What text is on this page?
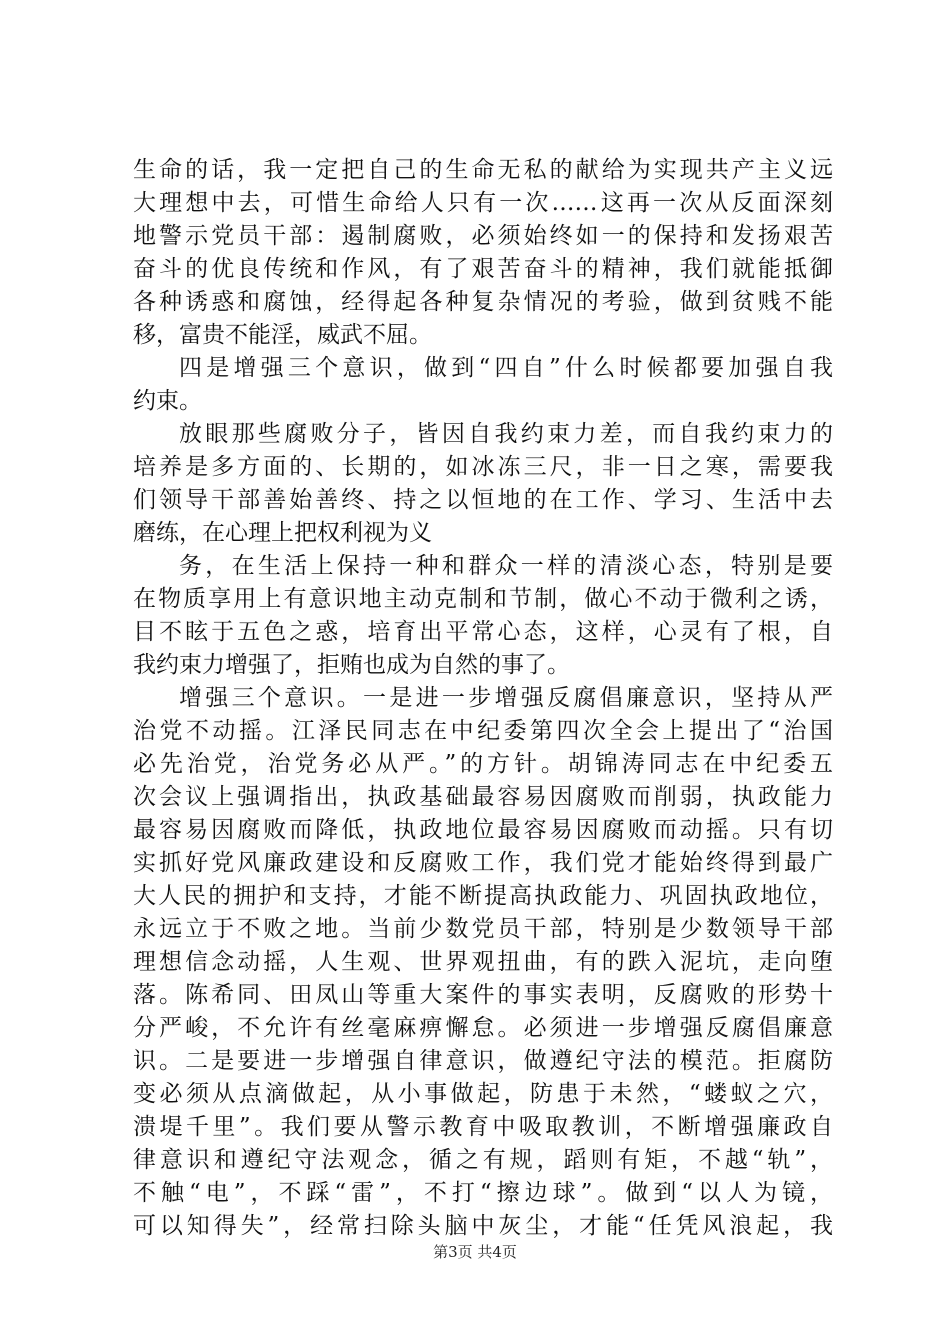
生命的话，我一定把自己的生命无私的献给为实现共产主义远
大理想中去，可惜生命给人只有一次……这再一次从反面深刻
地警示党员干部：遏制腐败，必须始终如一的保持和发扬艰苦
奋斗的优良传统和作风，有了艰苦奋斗的精神，我们就能抵御
各种诱惑和腐蚀，经得起各种复杂情况的考验，做到贫贱不能
移，富贵不能淫，威武不屈。
四是增强三个意识，做到“四自”什么时候都要加强自我
约束。
放眼那些腐败分子，皆因自我约束力差，而自我约束力的
培养是多方面的、长期的，如冰冻三尺，非一日之寒，需要我
们领导干部善始善终、持之以恒地的在工作、学习、生活中去
磨练，在心理上把权利视为义
务，在生活上保持一种和群众一样的清淡心态，特别是要
在物质享用上有意识地主动克制和节制，做心不动于微利之诱，
目不眩于五色之惑，培育出平常心态，这样，心灵有了根，自
我约束力增强了，拒贿也成为自然的事了。
增强三个意识。一是进一步增强反腐倡廉意识，坚持从严
治党不动摇。江泽民同志在中纪委第四次全会上提出了“治国
必先治党，治党务必从严。”的方针。胡锦涛同志在中纪委五
次会议上强调指出，执政基础最容易因腐败而削弱，执政能力
最容易因腐败而降低，执政地位最容易因腐败而动摇。只有切
实抓好党风廉政建设和反腐败工作，我们党才能始终得到最广
大人民的拥护和支持，才能不断提高执政能力、巩固执政地位，
永远立于不败之地。当前少数党员干部，特别是少数领导干部
理想信念动摇，人生观、世界观扭曲，有的跌入泥坑，走向堕
落。陈希同、田凤山等重大案件的事实表明，反腐败的形势十
分严峻，不允许有丝毫麻痹懈怠。必须进一步增强反腐倡廉意
识。二是要进一步增强自律意识，做遵纪守法的模范。拒腐防
变必须从点滴做起，从小事做起，防患于未然，“蝼蚁之穴，
溃堤千里”。我们要从警示教育中吸取教训，不断增强廉政自
律意识和遵纪守法观念，循之有规，蹈则有矩，不越“轨”，
不触“电”，不踩“雷”，不打“擦边球”。做到“以人为镜，
可以知得失”，经常扫除头脑中灰尘，才能“任凭风浪起，我
第3页 共4页
